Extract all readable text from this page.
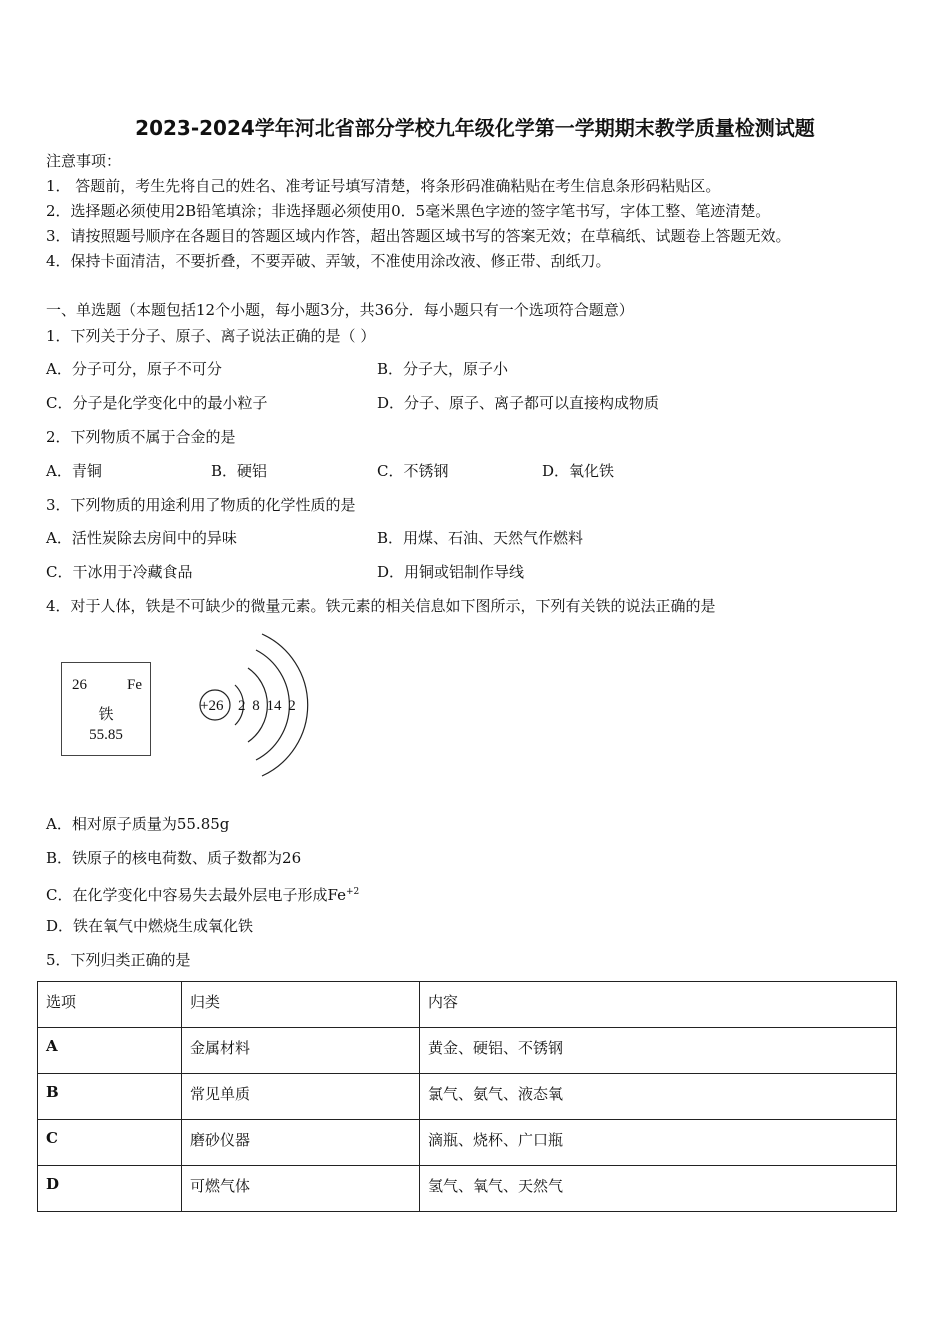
2023-2024学年河北省部分学校九年级化学第一学期期末教学质量检测试题
注意事项：
1． 答题前，考生先将自己的姓名、准考证号填写清楚，将条形码准确粘贴在考生信息条形码粘贴区。
2．选择题必须使用2B铅笔填涂；非选择题必须使用0．5毫米黑色字迹的签字笔书写，字体工整、笔迹清楚。
3．请按照题号顺序在各题目的答题区域内作答，超出答题区域书写的答案无效；在草稿纸、试题卷上答题无效。
4．保持卡面清洁，不要折叠，不要弄破、弄皱，不准使用涂改液、修正带、刮纸刀。
一、单选题（本题包括12个小题，每小题3分，共36分．每小题只有一个选项符合题意）
1．下列关于分子、原子、离子说法正确的是（ ）
A．分子可分，原子不可分	B．分子大，原子小
C．分子是化学变化中的最小粒子	D．分子、原子、离子都可以直接构成物质
2．下列物质不属于合金的是
A．青铜	B．硬铝	C．不锈钢	D．氧化铁
3．下列物质的用途利用了物质的化学性质的是
A．活性炭除去房间中的异味	B．用煤、石油、天然气作燃料
C．干冰用于冷藏食品	D．用铜或铝制作导线
4．对于人体，铁是不可缺少的微量元素。铁元素的相关信息如下图所示，下列有关铁的说法正确的是
26	Fe
铁
55.85
+26 2 8 14 2
A．相对原子质量为55.85g
B．铁原子的核电荷数、质子数都为26
C．在化学变化中容易失去最外层电子形成$Fe^{+2}$
D．铁在氧气中燃烧生成氧化铁
5．下列归类正确的是
选项	归类	内容
A	金属材料	黄金、硬铝、不锈钢
B	常见单质	氯气、氨气、液态氧
C	磨砂仪器	滴瓶、烧杯、广口瓶
D	可燃气体	氢气、氧气、天然气
